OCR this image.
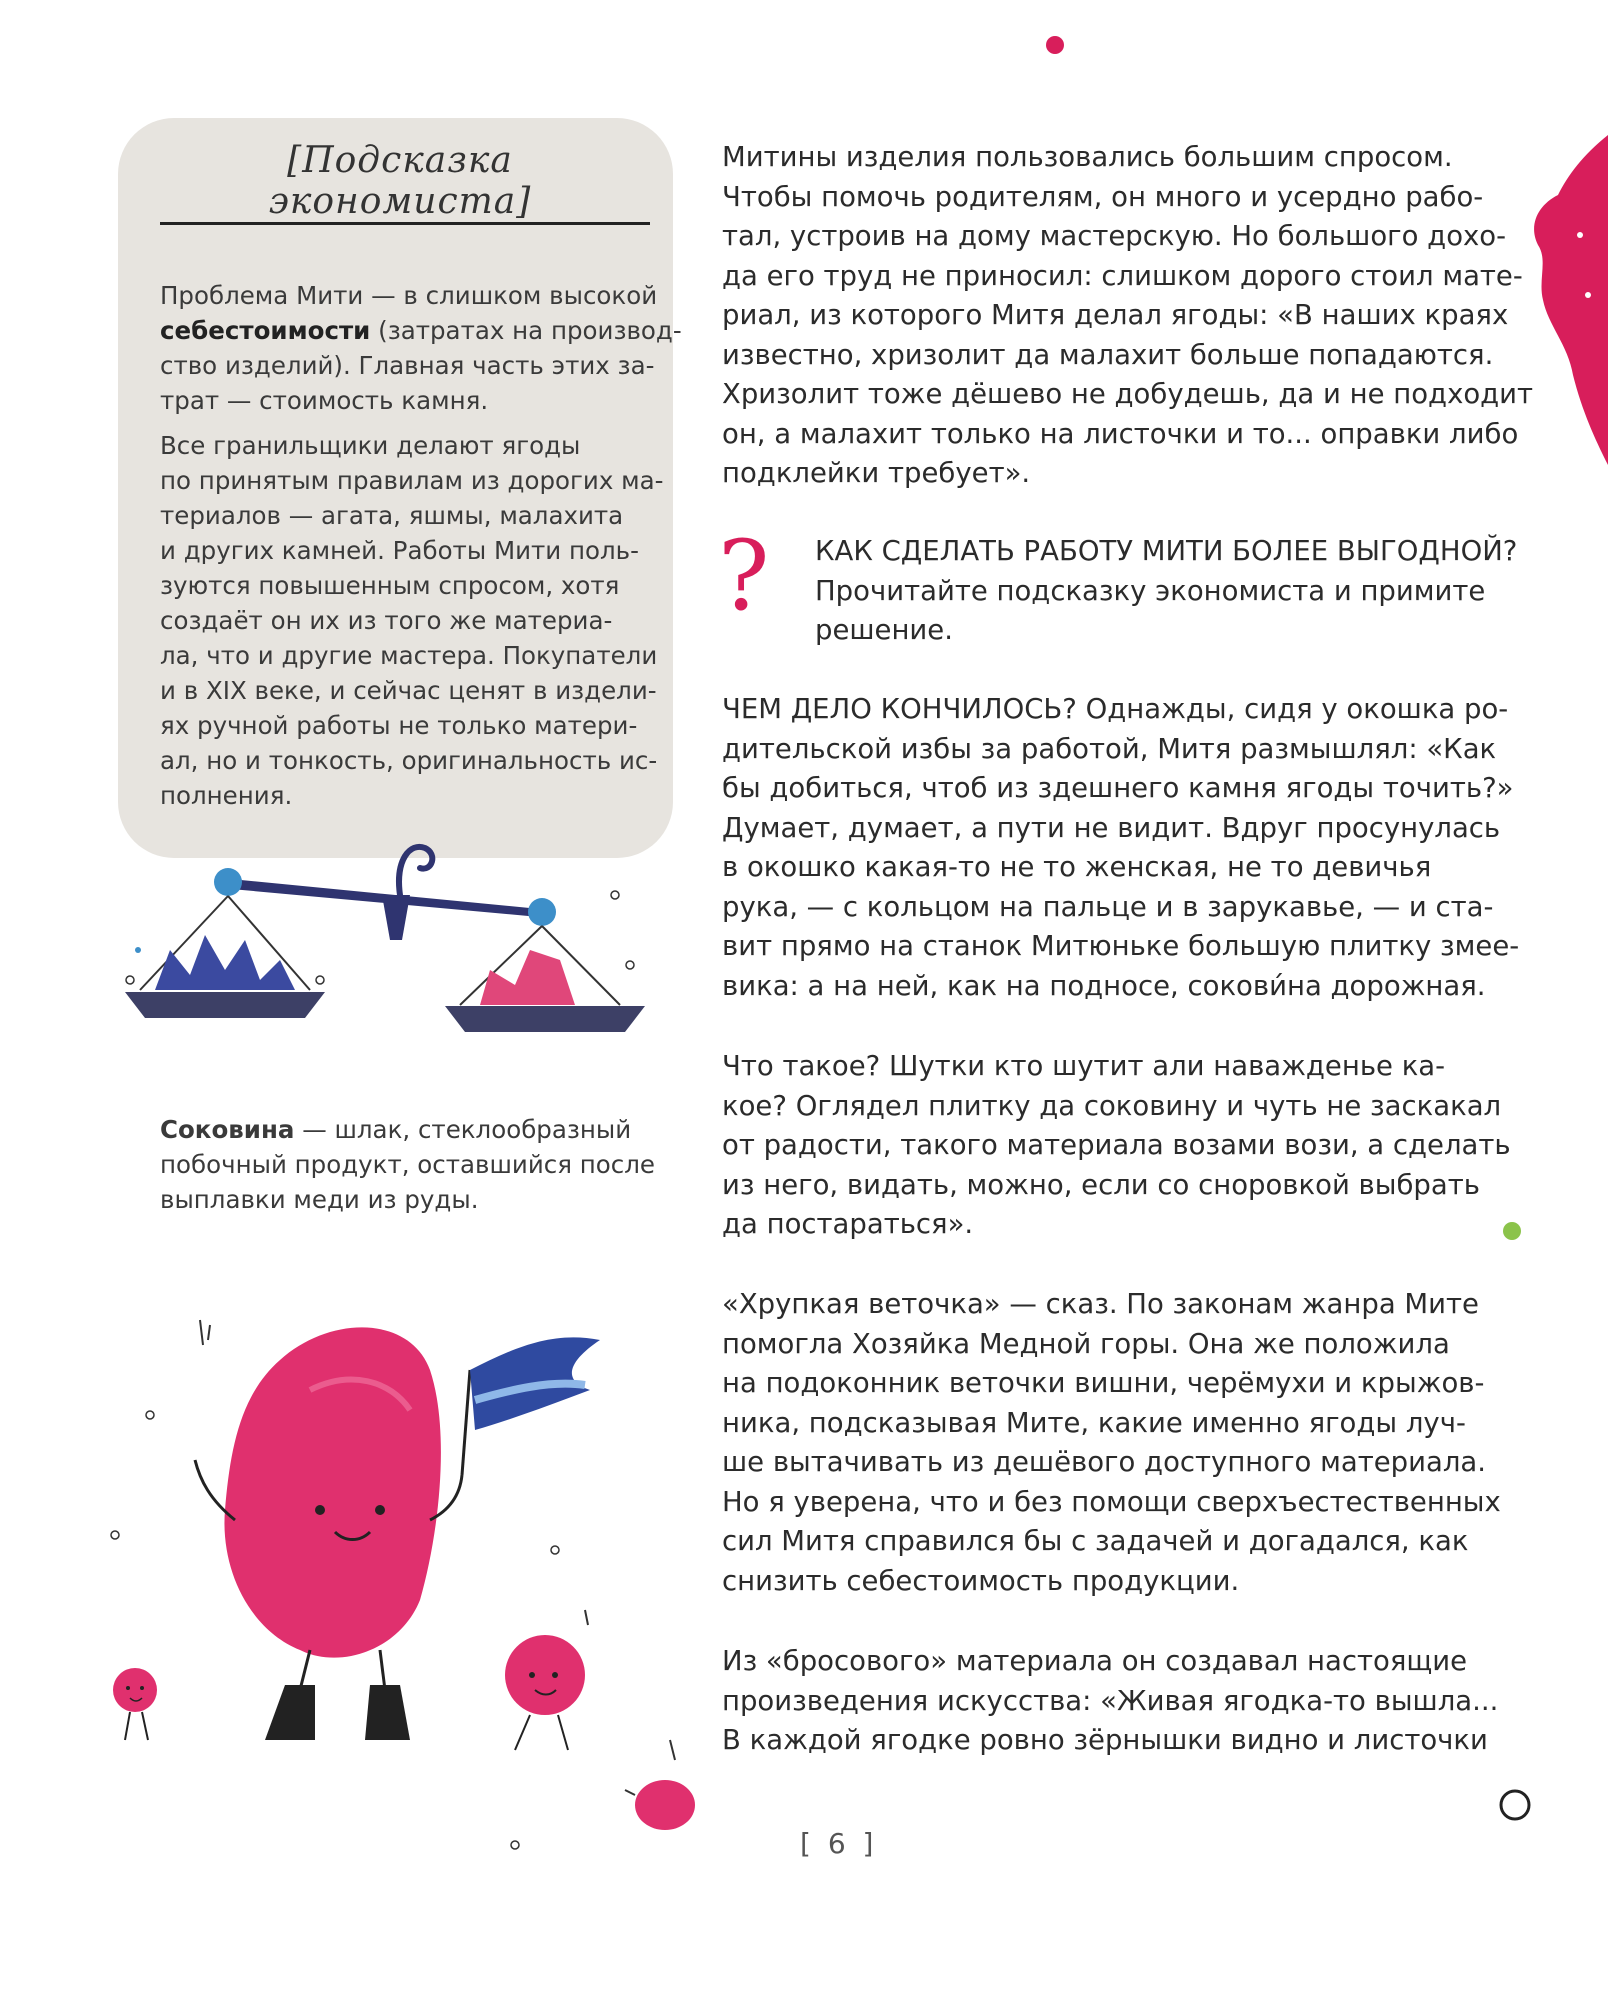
[Подсказка экономиста]

Проблема Мити — в слишком высокой
себестоимости (затратах на производ-
ство изделий). Главная часть этих за-
трат — стоимость камня.

Все гранильщики делают ягоды
по принятым правилам из дорогих ма-
териалов — агата, яшмы, малахита
и других камней. Работы Мити поль-
зуются повышенным спросом, хотя
создаёт он их из того же материа-
ла, что и другие мастера. Покупатели
и в XIX веке, и сейчас ценят в издели-
ях ручной работы не только матери-
ал, но и тонкость, оригинальность ис-
полнения.

Митины изделия пользовались большим спросом.
Чтобы помочь родителям, он много и усердно рабо-
тал, устроив на дому мастерскую. Но большого дохо-
да его труд не приносил: слишком дорого стоил мате-
риал, из которого Митя делал ягоды: «В наших краях
известно, хризолит да малахит больше попадаются.
Хризолит тоже дёшево не добудешь, да и не подходит
он, а малахит только на листочки и то... оправки либо
подклейки требует».

? КАК СДЕЛАТЬ РАБОТУ МИТИ БОЛЕЕ ВЫГОДНОЙ?
Прочитайте подсказку экономиста и примите
решение.

ЧЕМ ДЕЛО КОНЧИЛОСЬ? Однажды, сидя у окошка ро-
дительской избы за работой, Митя размышлял: «Как
бы добиться, чтоб из здешнего камня ягоды точить?»
Думает, думает, а пути не видит. Вдруг просунулась
в окошко какая-то не то женская, не то девичья
рука, — с кольцом на пальце и в зарукавье, — и ста-
вит прямо на станок Митюньке большую плитку змее-
вика: а на ней, как на подносе, сокови́на дорожная.

Что такое? Шутки кто шутит али наважденье ка-
кое? Оглядел плитку да соковину и чуть не заскакал
от радости, такого материала возами вози, а сделать
из него, видать, можно, если со сноровкой выбрать
да постараться».

«Хрупкая веточка» — сказ. По законам жанра Мите
помогла Хозяйка Медной горы. Она же положила
на подоконник веточки вишни, черёмухи и крыжов-
ника, подсказывая Мите, какие именно ягоды луч-
ше вытачивать из дешёвого доступного материала.
Но я уверена, что и без помощи сверхъестественных
сил Митя справился бы с задачей и догадался, как
снизить себестоимость продукции.

Из «бросового» материала он создавал настоящие
произведения искусства: «Живая ягодка-то вышла...
В каждой ягодке ровно зёрнышки видно и листочки

Соковина — шлак, стеклообразный
побочный продукт, оставшийся после
выплавки меди из руды.

[ 6 ]
